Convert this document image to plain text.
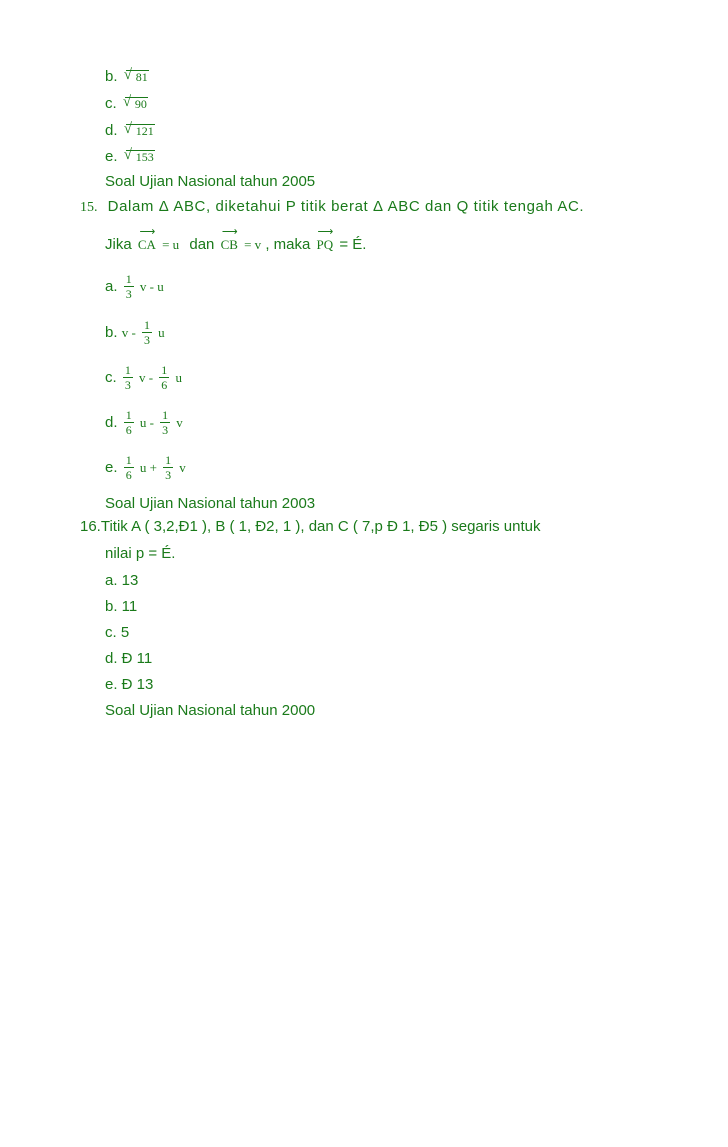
b. √ 81
c. √ 90
d. √ 121
e. √ 153
Soal Ujian Nasional tahun 2005
15. Dalam Δ ABC, diketahui P titik berat Δ ABC dan Q titik tengah AC.
Jika
⟶
CA = u dan
⟶
CB = v , maka
⟶
PQ = É.
a. $\frac{1}{3}$ v - u
b. v - $\frac{1}{3}$ u
c. $\frac{1}{3}$ v - $\frac{1}{6}$ u
d. $\frac{1}{6}$ u - $\frac{1}{3}$ v
e. $\frac{1}{6}$ $u + \frac{1}{3}$ v
Soal Ujian Nasional tahun 2003
16.Titik A ( 3,2,Ð1 ), B ( 1, Ð2, 1 ), dan C ( 7,p Ð 1, Ð5 ) segaris untuk
nilai p = É.
a. 13
b. 11
c. 5
d. Ð 11
e. Ð 13
Soal Ujian Nasional tahun 2000
